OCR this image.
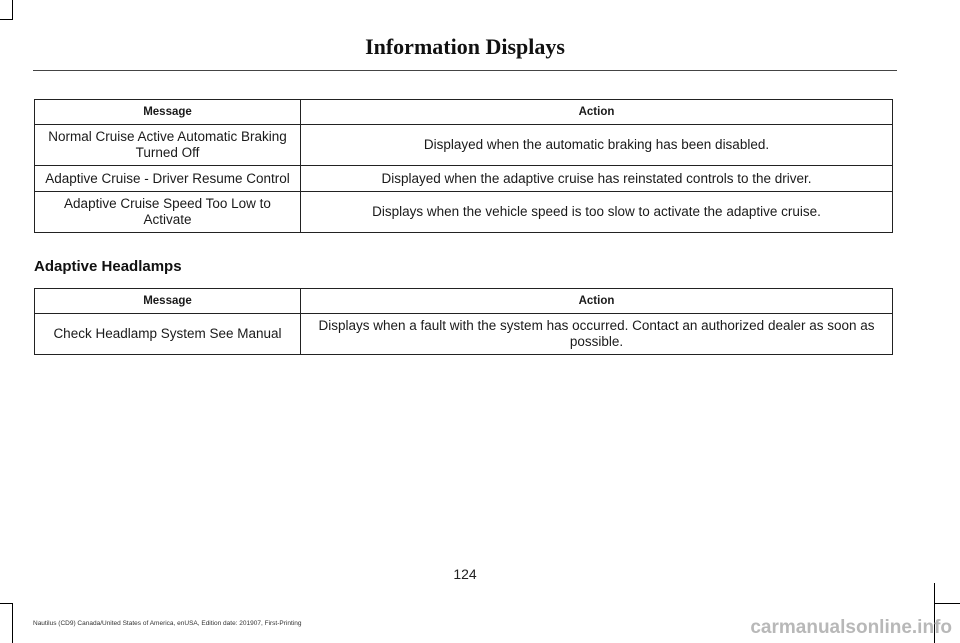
Information Displays
Message	Action
Normal Cruise Active Automatic Braking Turned Off	Displayed when the automatic braking has been disabled.
Adaptive Cruise - Driver Resume Control	Displayed when the adaptive cruise has reinstated controls to the driver.
Adaptive Cruise Speed Too Low to Activate	Displays when the vehicle speed is too slow to activate the adaptive cruise.
Adaptive Headlamps
Message	Action
Check Headlamp System See Manual	Displays when a fault with the system has occurred. Contact an authorized dealer as soon as possible.
124
Nautilus (CD9) Canada/United States of America, enUSA, Edition date: 201907, First-Printing	carmanualsonline.info
